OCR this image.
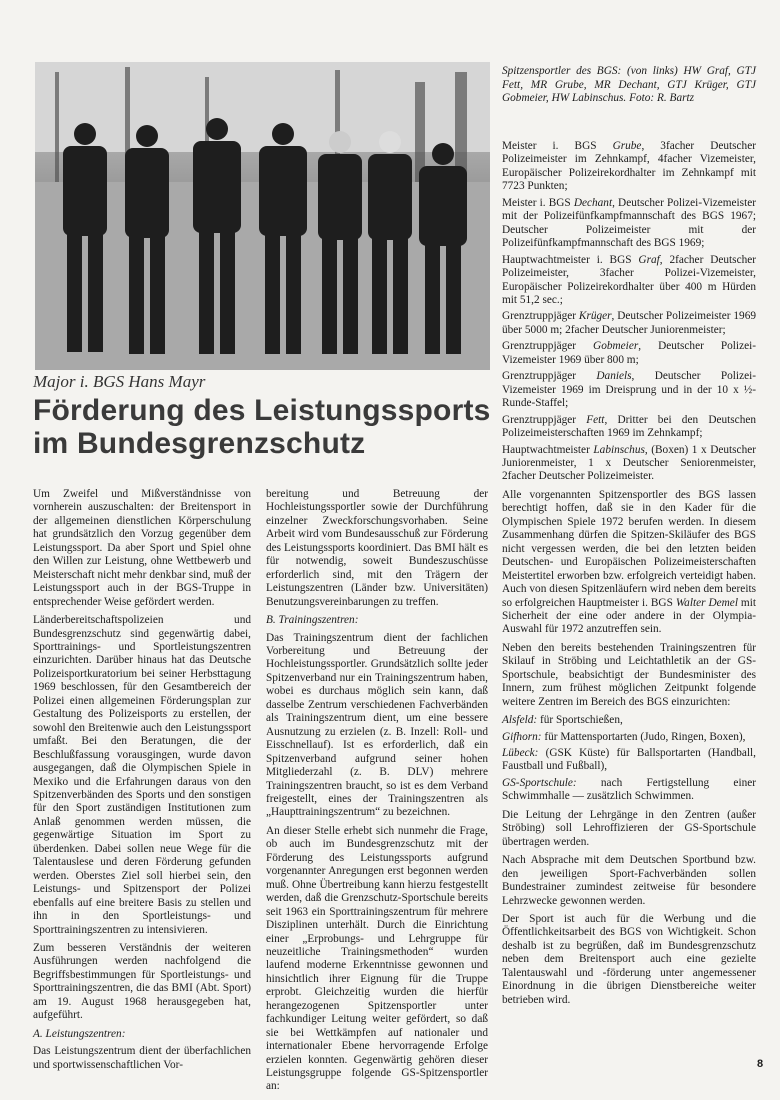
Spitzensportler des BGS: (von links) HW Graf, GTJ Fett, MR Grube, MR Dechant, GTJ Krüger, GTJ Gobmeier, HW Labinschus. Foto: R. Bartz
Major i. BGS Hans Mayr
Förderung des Leistungssports
im Bundesgrenzschutz

Um Zweifel und Mißverständnisse von vornherein auszuschalten: der Breitensport in der allgemeinen dienstlichen Körperschulung hat grundsätzlich den Vorzug gegenüber dem Leistungssport. Da aber Sport und Spiel ohne den Willen zur Leistung, ohne Wettbewerb und Meisterschaft nicht mehr denkbar sind, muß der Leistungssport auch in der BGS-Truppe in entsprechender Weise gefördert werden.

Länderbereitschaftspolizeien und Bundesgrenzschutz sind gegenwärtig dabei, Sporttrainings- und Sportleistungszentren einzurichten. Darüber hinaus hat das Deutsche Polizeisportkuratorium bei seiner Herbsttagung 1969 beschlossen, für den Gesamtbereich der Polizei einen allgemeinen Förderungsplan zur Gestaltung des Polizeisports zu erstellen, der sowohl den Breitenwie auch den Leistungssport umfaßt. Bei den Beratungen, die der Beschlußfassung vorausgingen, wurde davon ausgegangen, daß die Olympischen Spiele in Mexiko und die Erfahrungen daraus von den Spitzenverbänden des Sports und den sonstigen für den Sport zuständigen Institutionen zum Anlaß genommen werden müssen, die gegenwärtige Situation im Sport zu überdenken. Dabei sollen neue Wege für die Talentauslese und deren Förderung gefunden werden. Oberstes Ziel soll hierbei sein, den Leistungs- und Spitzensport der Polizei ebenfalls auf eine breitere Basis zu stellen und ihn in den Sportleistungs- und Sporttrainingszentren zu intensivieren.

Zum besseren Verständnis der weiteren Ausführungen werden nachfolgend die Begriffsbestimmungen für Sportleistungs- und Sporttrainingszentren, die das BMI (Abt. Sport) am 19. August 1968 herausgegeben hat, aufgeführt.

A. Leistungszentren:

Das Leistungszentrum dient der überfachlichen und sportwissenschaftlichen Vor-

bereitung und Betreuung der Hochleistungssportler sowie der Durchführung einzelner Zweckforschungsvorhaben. Seine Arbeit wird vom Bundesausschuß zur Förderung des Leistungssports koordiniert. Das BMI hält es für notwendig, soweit Bundeszuschüsse erforderlich sind, mit den Trägern der Leistungszentren (Länder bzw. Universitäten) Benutzungsvereinbarungen zu treffen.

B. Trainingszentren:

Das Trainingszentrum dient der fachlichen Vorbereitung und Betreuung der Hochleistungssportler. Grundsätzlich sollte jeder Spitzenverband nur ein Trainingszentrum haben, wobei es durchaus möglich sein kann, daß dasselbe Zentrum verschiedenen Fachverbänden als Trainingszentrum dient, um eine bessere Ausnutzung zu erzielen (z. B. Inzell: Roll- und Eisschnellauf). Ist es erforderlich, daß ein Spitzenverband aufgrund seiner hohen Mitgliederzahl (z. B. DLV) mehrere Trainingszentren braucht, so ist es dem Verband freigestellt, eines der Trainingszentren als „Haupttrainingszentrum“ zu bezeichnen.

An dieser Stelle erhebt sich nunmehr die Frage, ob auch im Bundesgrenzschutz mit der Förderung des Leistungssports aufgrund vorgenannter Anregungen erst begonnen werden muß. Ohne Übertreibung kann hierzu festgestellt werden, daß die Grenzschutz-Sportschule bereits seit 1963 ein Sporttrainingszentrum für mehrere Disziplinen unterhält. Durch die Einrichtung einer „Erprobungs- und Lehrgruppe für neuzeitliche Trainingsmethoden“ wurden laufend moderne Erkenntnisse gewonnen und hinsichtlich ihrer Eignung für die Truppe erprobt. Gleichzeitig wurden die hierfür herangezogenen Spitzensportler unter fachkundiger Leitung weiter gefördert, so daß sie bei Wettkämpfen auf nationaler und internationaler Ebene hervorragende Erfolge erzielen konnten. Gegenwärtig gehören dieser Leistungsgruppe folgende GS-Spitzensportler an:

Meister i. BGS Grube, 3facher Deutscher Polizeimeister im Zehnkampf, 4facher Vizemeister, Europäischer Polizeirekordhalter im Zehnkampf mit 7723 Punkten;

Meister i. BGS Dechant, Deutscher Polizei-Vizemeister mit der Polizeifünfkampfmannschaft des BGS 1967; Deutscher Polizeimeister mit der Polizeifünfkampfmannschaft des BGS 1969;

Hauptwachtmeister i. BGS Graf, 2facher Deutscher Polizeimeister, 3facher Polizei-Vizemeister, Europäischer Polizeirekordhalter über 400 m Hürden mit 51,2 sec.;

Grenztruppjäger Krüger, Deutscher Polizeimeister 1969 über 5000 m; 2facher Deutscher Juniorenmeister;

Grenztruppjäger Gobmeier, Deutscher Polizei-Vizemeister 1969 über 800 m;

Grenztruppjäger Daniels, Deutscher Polizei-Vizemeister 1969 im Dreisprung und in der 10 x ½-Runde-Staffel;

Grenztruppjäger Fett, Dritter bei den Deutschen Polizeimeisterschaften 1969 im Zehnkampf;

Hauptwachtmeister Labinschus, (Boxen) 1 x Deutscher Juniorenmeister, 1 x Deutscher Seniorenmeister, 2facher Deutscher Polizeimeister.

Alle vorgenannten Spitzensportler des BGS lassen berechtigt hoffen, daß sie in den Kader für die Olympischen Spiele 1972 berufen werden. In diesem Zusammenhang dürfen die Spitzen-Skiläufer des BGS nicht vergessen werden, die bei den letzten beiden Deutschen- und Europäischen Polizeimeisterschaften Meistertitel erworben bzw. erfolgreich verteidigt haben. Auch von diesen Spitzenläufern wird neben dem bereits so erfolgreichen Hauptmeister i. BGS Walter Demel mit Sicherheit der eine oder andere in der Olympia-Auswahl für 1972 anzutreffen sein.

Neben den bereits bestehenden Trainingszentren für Skilauf in Ströbing und Leichtathletik an der GS-Sportschule, beabsichtigt der Bundesminister des Innern, zum frühest möglichen Zeitpunkt folgende weitere Zentren im Bereich des BGS einzurichten:

Alsfeld: für Sportschießen,

Gifhorn: für Mattensportarten (Judo, Ringen, Boxen),

Lübeck: (GSK Küste) für Ballsportarten (Handball, Faustball und Fußball),

GS-Sportschule: nach Fertigstellung einer Schwimmhalle — zusätzlich Schwimmen.

Die Leitung der Lehrgänge in den Zentren (außer Ströbing) soll Lehroffizieren der GS-Sportschule übertragen werden.

Nach Absprache mit dem Deutschen Sportbund bzw. den jeweiligen Sport-Fachverbänden sollen Bundestrainer zumindest zeitweise für besondere Lehrzwecke gewonnen werden.

Der Sport ist auch für die Werbung und die Öffentlichkeitsarbeit des BGS von Wichtigkeit. Schon deshalb ist zu begrüßen, daß im Bundesgrenzschutz neben dem Breitensport auch eine gezielte Talentauswahl und -förderung unter angemessener Einordnung in die übrigen Dienstbereiche weiter betrieben wird.

8
